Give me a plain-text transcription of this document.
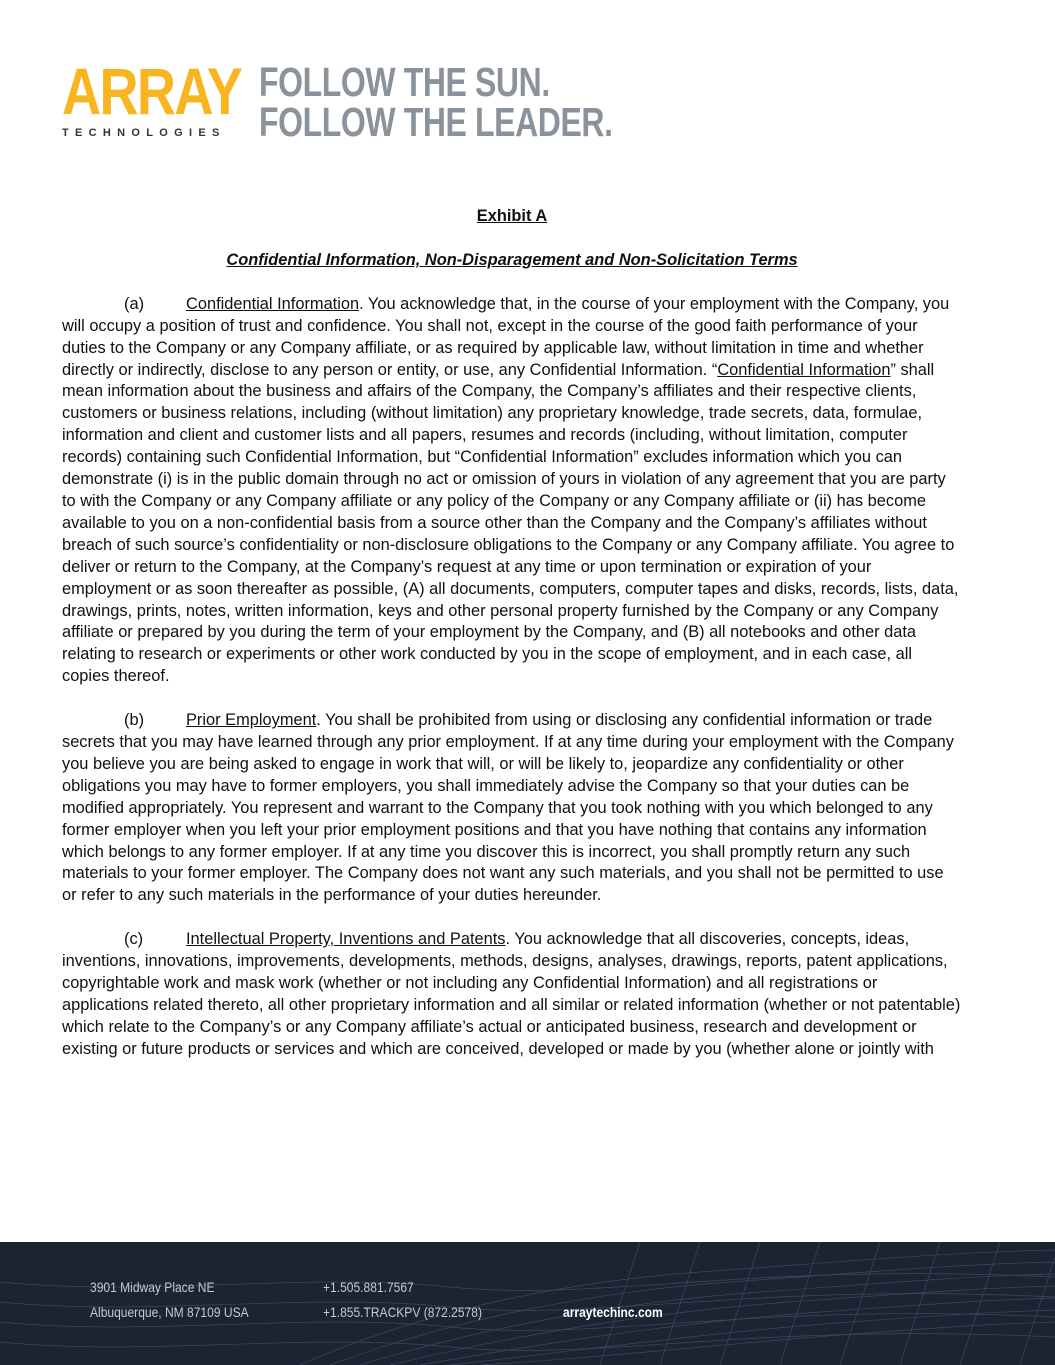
ARRAY
TECHNOLOGIES
FOLLOW THE SUN.
FOLLOW THE LEADER.
Exhibit A
Confidential Information, Non-Disparagement and Non-Solicitation Terms

(a)	Confidential Information. You acknowledge that, in the course of your employment with the Company, you will occupy a position of trust and confidence. You shall not, except in the course of the good faith performance of your duties to the Company or any Company affiliate, or as required by applicable law, without limitation in time and whether directly or indirectly, disclose to any person or entity, or use, any Confidential Information. “Confidential Information” shall mean information about the business and affairs of the Company, the Company’s affiliates and their respective clients, customers or business relations, including (without limitation) any proprietary knowledge, trade secrets, data, formulae, information and client and customer lists and all papers, resumes and records (including, without limitation, computer records) containing such Confidential Information, but “Confidential Information” excludes information which you can demonstrate (i) is in the public domain through no act or omission of yours in violation of any agreement that you are party to with the Company or any Company affiliate or any policy of the Company or any Company affiliate or (ii) has become available to you on a non-confidential basis from a source other than the Company and the Company’s affiliates without breach of such source’s confidentiality or non-disclosure obligations to the Company or any Company affiliate. You agree to deliver or return to the Company, at the Company’s request at any time or upon termination or expiration of your employment or as soon thereafter as possible, (A) all documents, computers, computer tapes and disks, records, lists, data, drawings, prints, notes, written information, keys and other personal property furnished by the Company or any Company affiliate or prepared by you during the term of your employment by the Company, and (B) all notebooks and other data relating to research or experiments or other work conducted by you in the scope of employment, and in each case, all copies thereof.

(b)	Prior Employment. You shall be prohibited from using or disclosing any confidential information or trade secrets that you may have learned through any prior employment. If at any time during your employment with the Company you believe you are being asked to engage in work that will, or will be likely to, jeopardize any confidentiality or other obligations you may have to former employers, you shall immediately advise the Company so that your duties can be modified appropriately. You represent and warrant to the Company that you took nothing with you which belonged to any former employer when you left your prior employment positions and that you have nothing that contains any information which belongs to any former employer. If at any time you discover this is incorrect, you shall promptly return any such materials to your former employer. The Company does not want any such materials, and you shall not be permitted to use or refer to any such materials in the performance of your duties hereunder.

(c)	Intellectual Property, Inventions and Patents. You acknowledge that all discoveries, concepts, ideas, inventions, innovations, improvements, developments, methods, designs, analyses, drawings, reports, patent applications, copyrightable work and mask work (whether or not including any Confidential Information) and all registrations or applications related thereto, all other proprietary information and all similar or related information (whether or not patentable) which relate to the Company’s or any Company affiliate’s actual or anticipated business, research and development or existing or future products or services and which are conceived, developed or made by you (whether alone or jointly with

3901 Midway Place NE
Albuquerque, NM 87109 USA
+1.505.881.7567
+1.855.TRACKPV (872.2578)	arraytechinc.com
